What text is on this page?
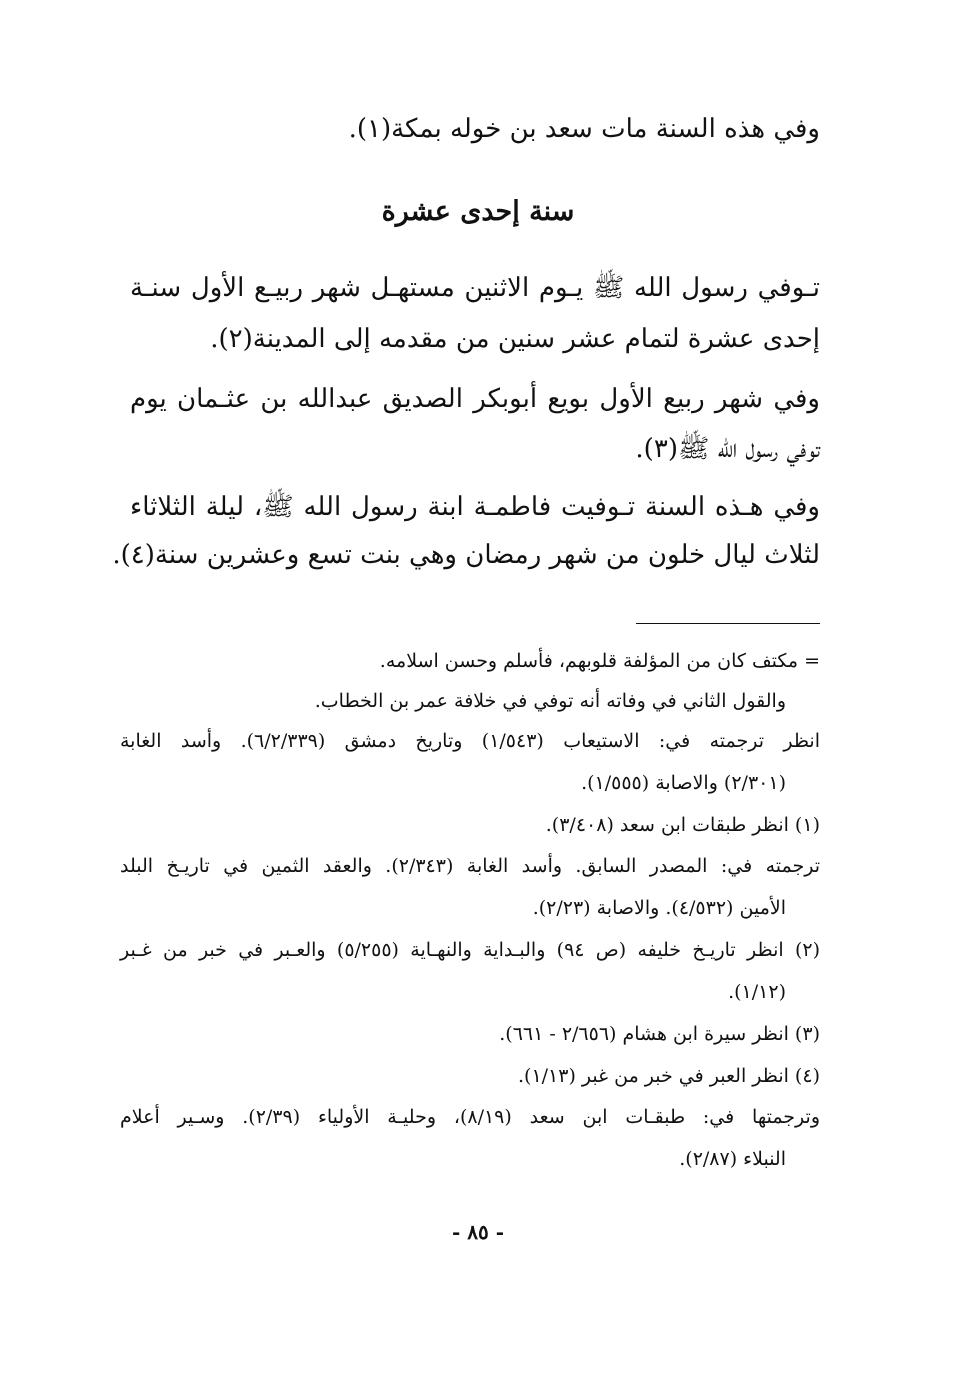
وفي هذه السنة مات سعد بن خوله بمكة(١).
سنة إحدى عشرة
تـوفي رسول الله ﷺ يـوم الاثنين مستهـل شهر ربيـع الأول سنـة
إحدى عشرة لتمام عشر سنين من مقدمه إلى المدينة(٢).
وفي شهر ربيع الأول بويع أبوبكر الصديق عبدالله بن عثـمان يوم
توفي رسول الله ﷺ(٣).
وفي هـذه السنة تـوفيت فاطمـة ابنة رسول الله ﷺ، ليلة الثلاثاء
لثلاث ليال خلون من شهر رمضان وهي بنت تسع وعشرين سنة(٤).
= مكتف كان من المؤلفة قلوبهم، فأسلم وحسن اسلامه.
والقول الثاني في وفاته أنه توفي في خلافة عمر بن الخطاب.
انظر ترجمته في: الاستيعاب (١/٥٤٣) وتاريخ دمشق (٦/٢/٣٣٩). وأسد الغابة
(٢/٣٠١) والاصابة (١/٥٥٥).
(١) انظر طبقات ابن سعد (٣/٤٠٨).
ترجمته في: المصدر السابق. وأسد الغابة (٢/٣٤٣). والعقد الثمين في تاريـخ البلد
الأمين (٤/٥٣٢). والاصابة (٢/٢٣).
(٢) انظر تاريـخ خليفه (ص ٩٤) والبـداية والنهـاية (٥/٢٥٥) والعـبر في خبر من غـبر
(١/١٢).
(٣) انظر سيرة ابن هشام (٢/٦٥٦ - ٦٦١).
(٤) انظر العبر في خبر من غبر (١/١٣).
وترجمتها في: طبقـات ابن سعد (٨/١٩)، وحليـة الأولياء (٢/٣٩). وسـير أعلام
النبلاء (٢/٨٧).
- ٨٥ -
